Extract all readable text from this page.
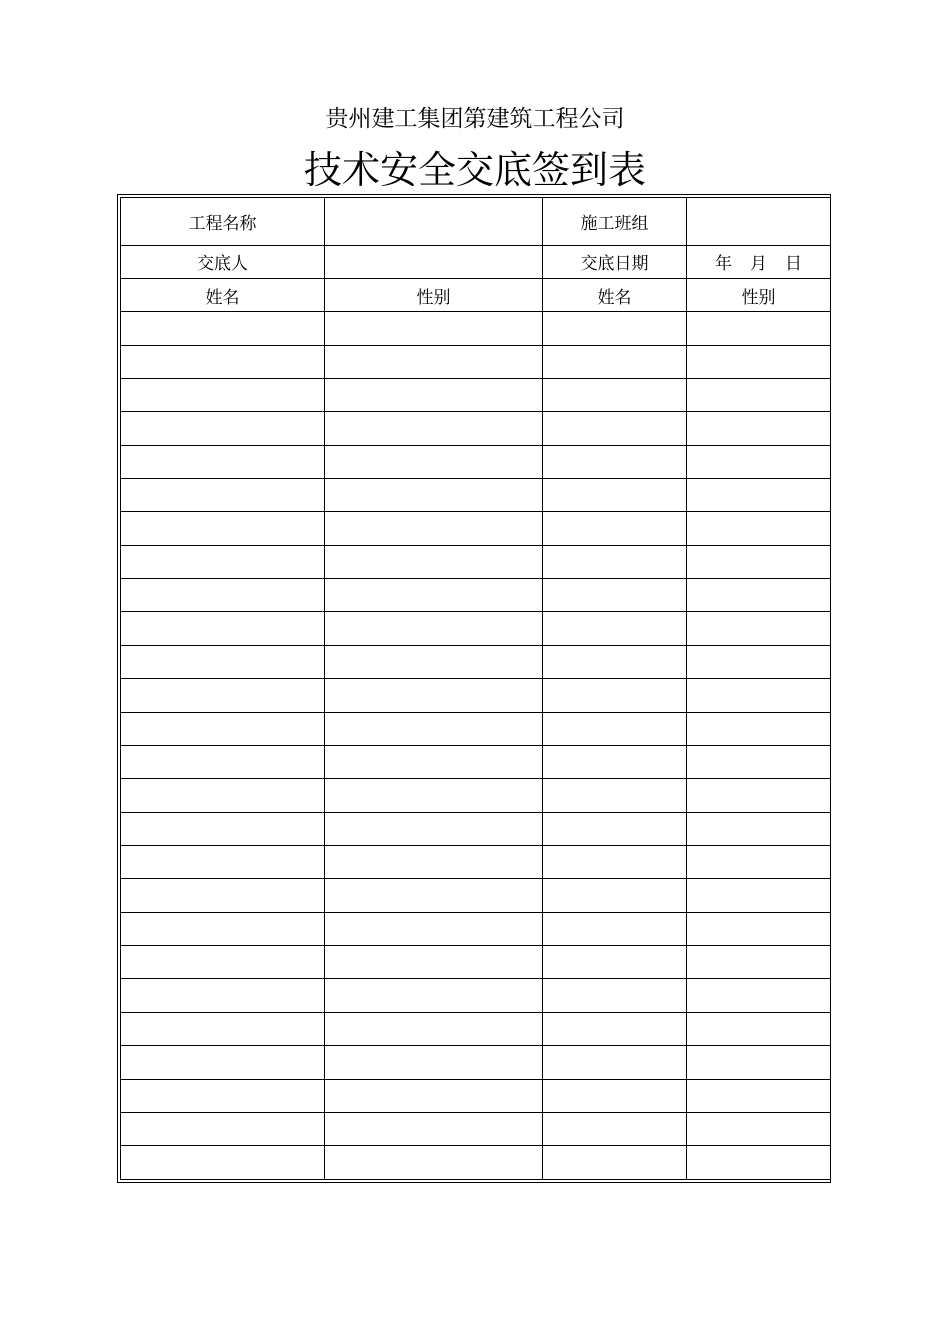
贵州建工集团第建筑工程公司
技术安全交底签到表
工程名称		施工班组	
交底人		交底日期	年 月 日
姓名	性别	姓名	性别
